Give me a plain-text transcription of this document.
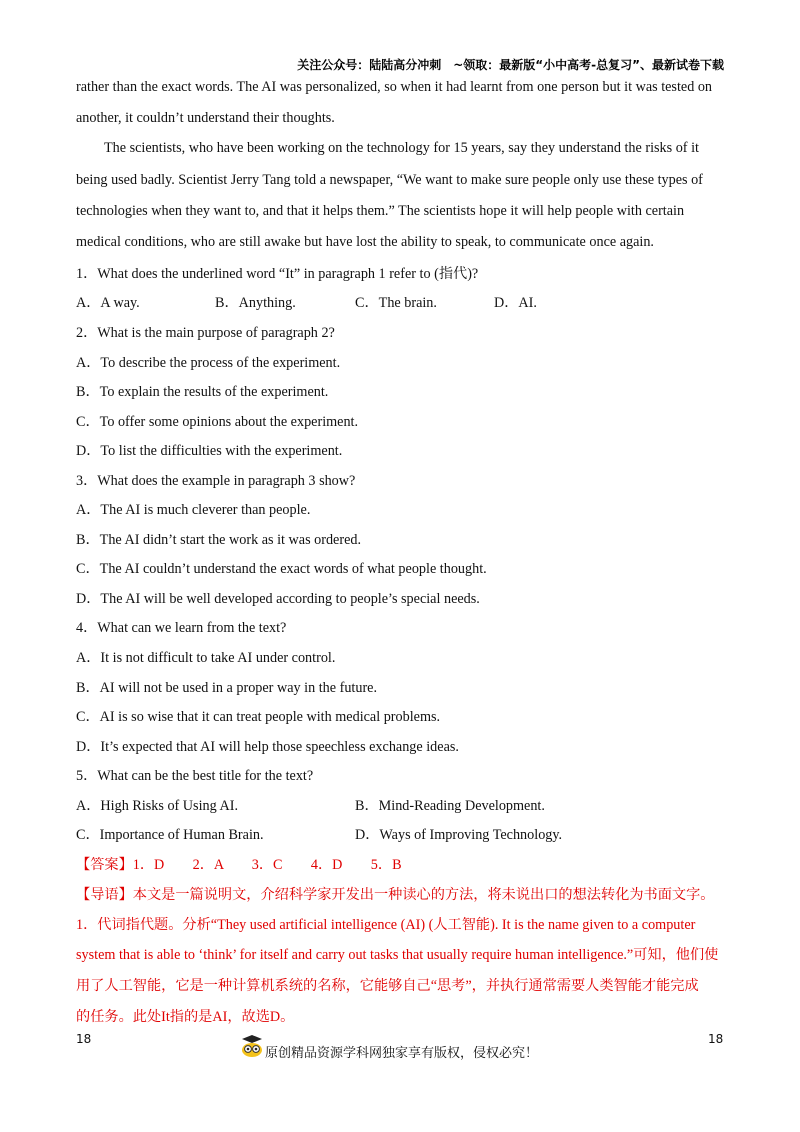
关注公众号：陆陆高分冲刺　~领取：最新版“小中高考-总复习”、最新试卷下载
rather than the exact words. The AI was personalized, so when it had learnt from one person but it was tested on
another, it couldn’t understand their thoughts.
The scientists, who have been working on the technology for 15 years, say they understand the risks of it
being used badly. Scientist Jerry Tang told a newspaper, “We want to make sure people only use these types of
technologies when they want to, and that it helps them.” The scientists hope it will help people with certain
medical conditions, who are still awake but have lost the ability to speak, to communicate once again.
1．What does the underlined word “It” in paragraph 1 refer to (指代)?
A．A way.	B．Anything.	C．The brain.	D．AI.
2．What is the main purpose of paragraph 2?
A．To describe the process of the experiment.
B．To explain the results of the experiment.
C．To offer some opinions about the experiment.
D．To list the difficulties with the experiment.
3．What does the example in paragraph 3 show?
A．The AI is much cleverer than people.
B．The AI didn’t start the work as it was ordered.
C．The AI couldn’t understand the exact words of what people thought.
D．The AI will be well developed according to people’s special needs.
4．What can we learn from the text?
A．It is not difficult to take AI under control.
B．AI will not be used in a proper way in the future.
C．AI is so wise that it can treat people with medical problems.
D．It’s expected that AI will help those speechless exchange ideas.
5．What can be the best title for the text?
A．High Risks of Using AI.	B．Mind-Reading Development.
C．Importance of Human Brain.	D．Ways of Improving Technology.
【答案】1．D　　2．A　　3．C　　4．D　　5．B
【导语】本文是一篇说明文，介绍科学家开发出一种读心的方法，将未说出口的想法转化为书面文字。
1．代词指代题。分析“They used artificial intelligence (AI) (人工智能). It is the name given to a computer
system that is able to ‘think’ for itself and carry out tasks that usually require human intelligence.”可知，他们使
用了人工智能，它是一种计算机系统的名称，它能够自己“思考”，并执行通常需要人类智能才能完成
的任务。此处It指的是AI，故选D。
18	18
原创精品资源学科网独家享有版权，侵权必究！
